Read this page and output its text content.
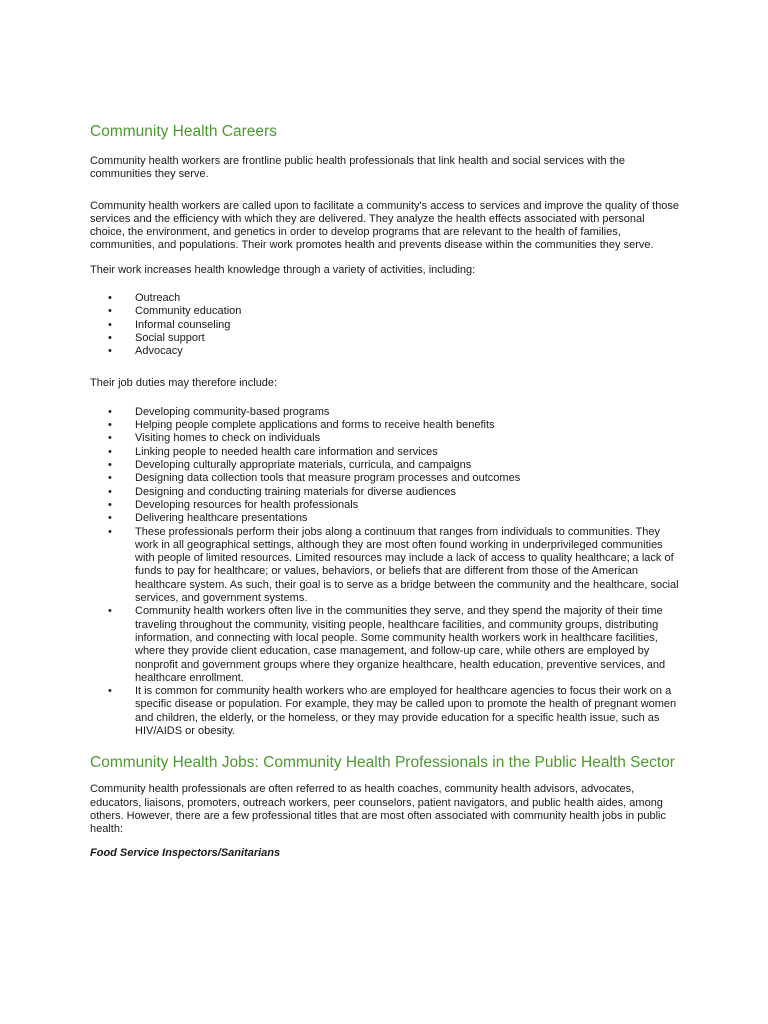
Community Health Careers

Community health workers are frontline public health professionals that link health and social services with the communities they serve.

Community health workers are called upon to facilitate a community's access to services and improve the quality of those services and the efficiency with which they are delivered. They analyze the health effects associated with personal choice, the environment, and genetics in order to develop programs that are relevant to the health of families, communities, and populations. Their work promotes health and prevents disease within the communities they serve.

Their work increases health knowledge through a variety of activities, including:

• Outreach
• Community education
• Informal counseling
• Social support
• Advocacy

Their job duties may therefore include:

• Developing community-based programs
• Helping people complete applications and forms to receive health benefits
• Visiting homes to check on individuals
• Linking people to needed health care information and services
• Developing culturally appropriate materials, curricula, and campaigns
• Designing data collection tools that measure program processes and outcomes
• Designing and conducting training materials for diverse audiences
• Developing resources for health professionals
• Delivering healthcare presentations
• These professionals perform their jobs along a continuum that ranges from individuals to communities. They work in all geographical settings, although they are most often found working in underprivileged communities with people of limited resources. Limited resources may include a lack of access to quality healthcare; a lack of funds to pay for healthcare; or values, behaviors, or beliefs that are different from those of the American healthcare system. As such, their goal is to serve as a bridge between the community and the healthcare, social services, and government systems.
• Community health workers often live in the communities they serve, and they spend the majority of their time traveling throughout the community, visiting people, healthcare facilities, and community groups, distributing information, and connecting with local people. Some community health workers work in healthcare facilities, where they provide client education, case management, and follow-up care, while others are employed by nonprofit and government groups where they organize healthcare, health education, preventive services, and healthcare enrollment.
• It is common for community health workers who are employed for healthcare agencies to focus their work on a specific disease or population. For example, they may be called upon to promote the health of pregnant women and children, the elderly, or the homeless, or they may provide education for a specific health issue, such as HIV/AIDS or obesity.
Community Health Jobs: Community Health Professionals in the Public Health Sector

Community health professionals are often referred to as health coaches, community health advisors, advocates, educators, liaisons, promoters, outreach workers, peer counselors, patient navigators, and public health aides, among others. However, there are a few professional titles that are most often associated with community health jobs in public health:

Food Service Inspectors/Sanitarians
